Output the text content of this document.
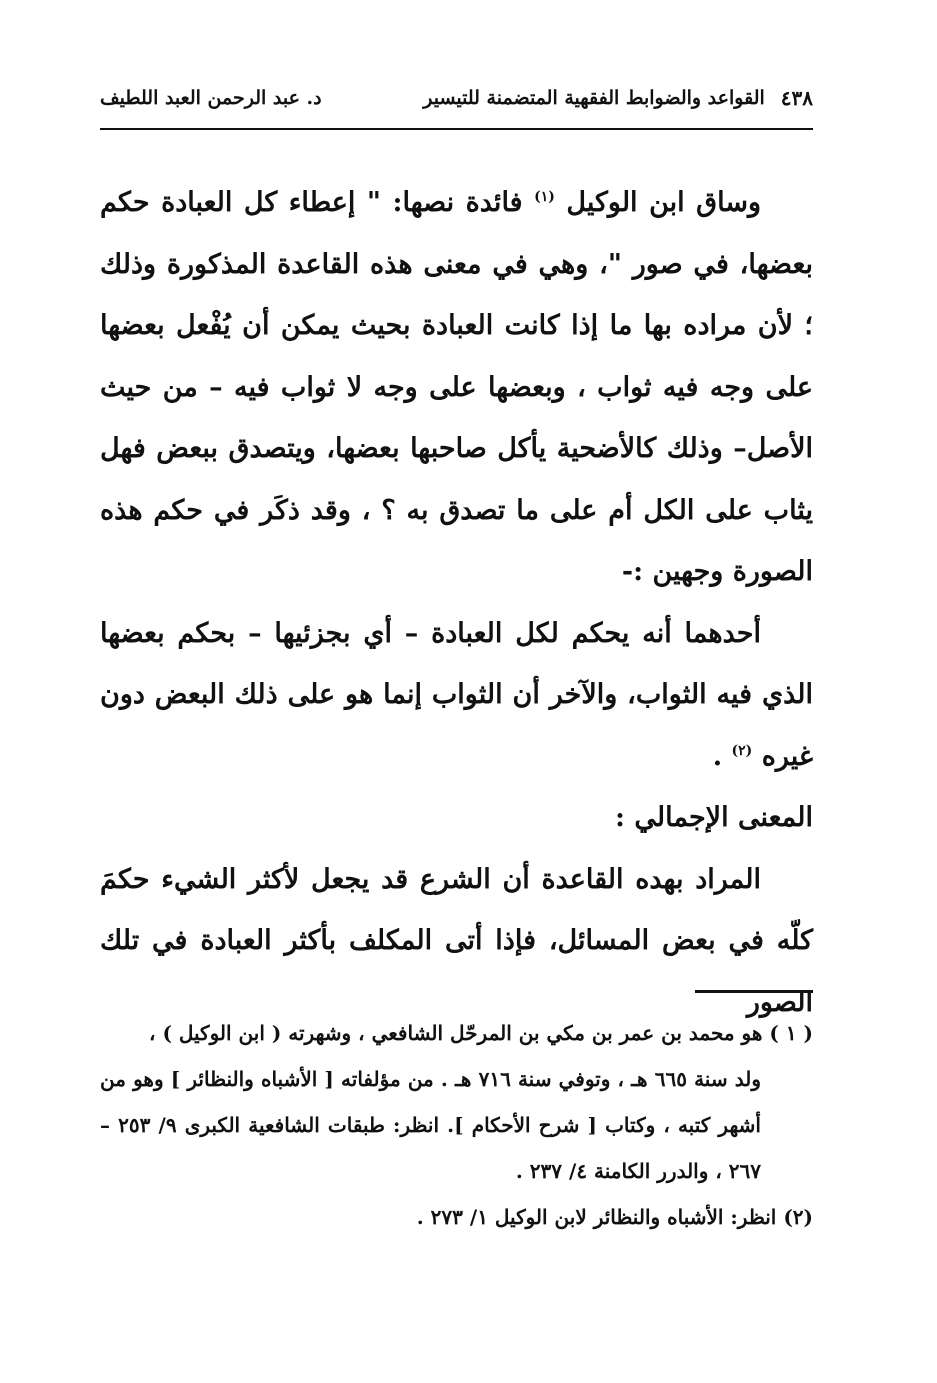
٤٣٨
القواعد والضوابط الفقهية المتضمنة للتيسير
د. عبد الرحمن العبد اللطيف

وساق ابن الوكيل $^{(١)}$ فائدة نصها: " إعطاء كل العبادة حكم بعضها، في صور "، وهي في معنى هذه القاعدة المذكورة وذلك ؛ لأن مراده بها ما إذا كانت العبادة بحيث يمكن أن يُفْعل بعضها على وجه فيه ثواب ، وبعضها على وجه لا ثواب فيه – من حيث الأصل– وذلك كالأضحية يأكل صاحبها بعضها، ويتصدق ببعض فهل يثاب على الكل أم على ما تصدق به ؟ ، وقد ذكَر في حكم هذه الصورة وجهين :-

أحدهما أنه يحكم لكل العبادة – أي بجزئيها – بحكم بعضها الذي فيه الثواب، والآخر أن الثواب إنما هو على ذلك البعض دون غيره $^{(٢)}$ .

المعنى الإجمالي :

المراد بهده القاعدة أن الشرع قد يجعل لأكثر الشيء حكمَ كلّه في بعض المسائل، فإذا أتى المكلف بأكثر العبادة في تلك الصور

( ١ ) هو محمد بن عمر بن مكي بن المرحّل الشافعي ، وشهرته ( ابن الوكيل ) ،

ولد سنة ٦٦٥ هـ ، وتوفي سنة ٧١٦ هـ . من مؤلفاته [ الأشباه والنظائر ] وهو من أشهر كتبه ، وكتاب [ شرح الأحكام ]. انظر: طبقات الشافعية الكبرى ٩/ ٢٥٣ – ٢٦٧ ، والدرر الكامنة ٤/ ٢٣٧ .

(٢) انظر: الأشباه والنظائر لابن الوكيل ١/ ٢٧٣ .
